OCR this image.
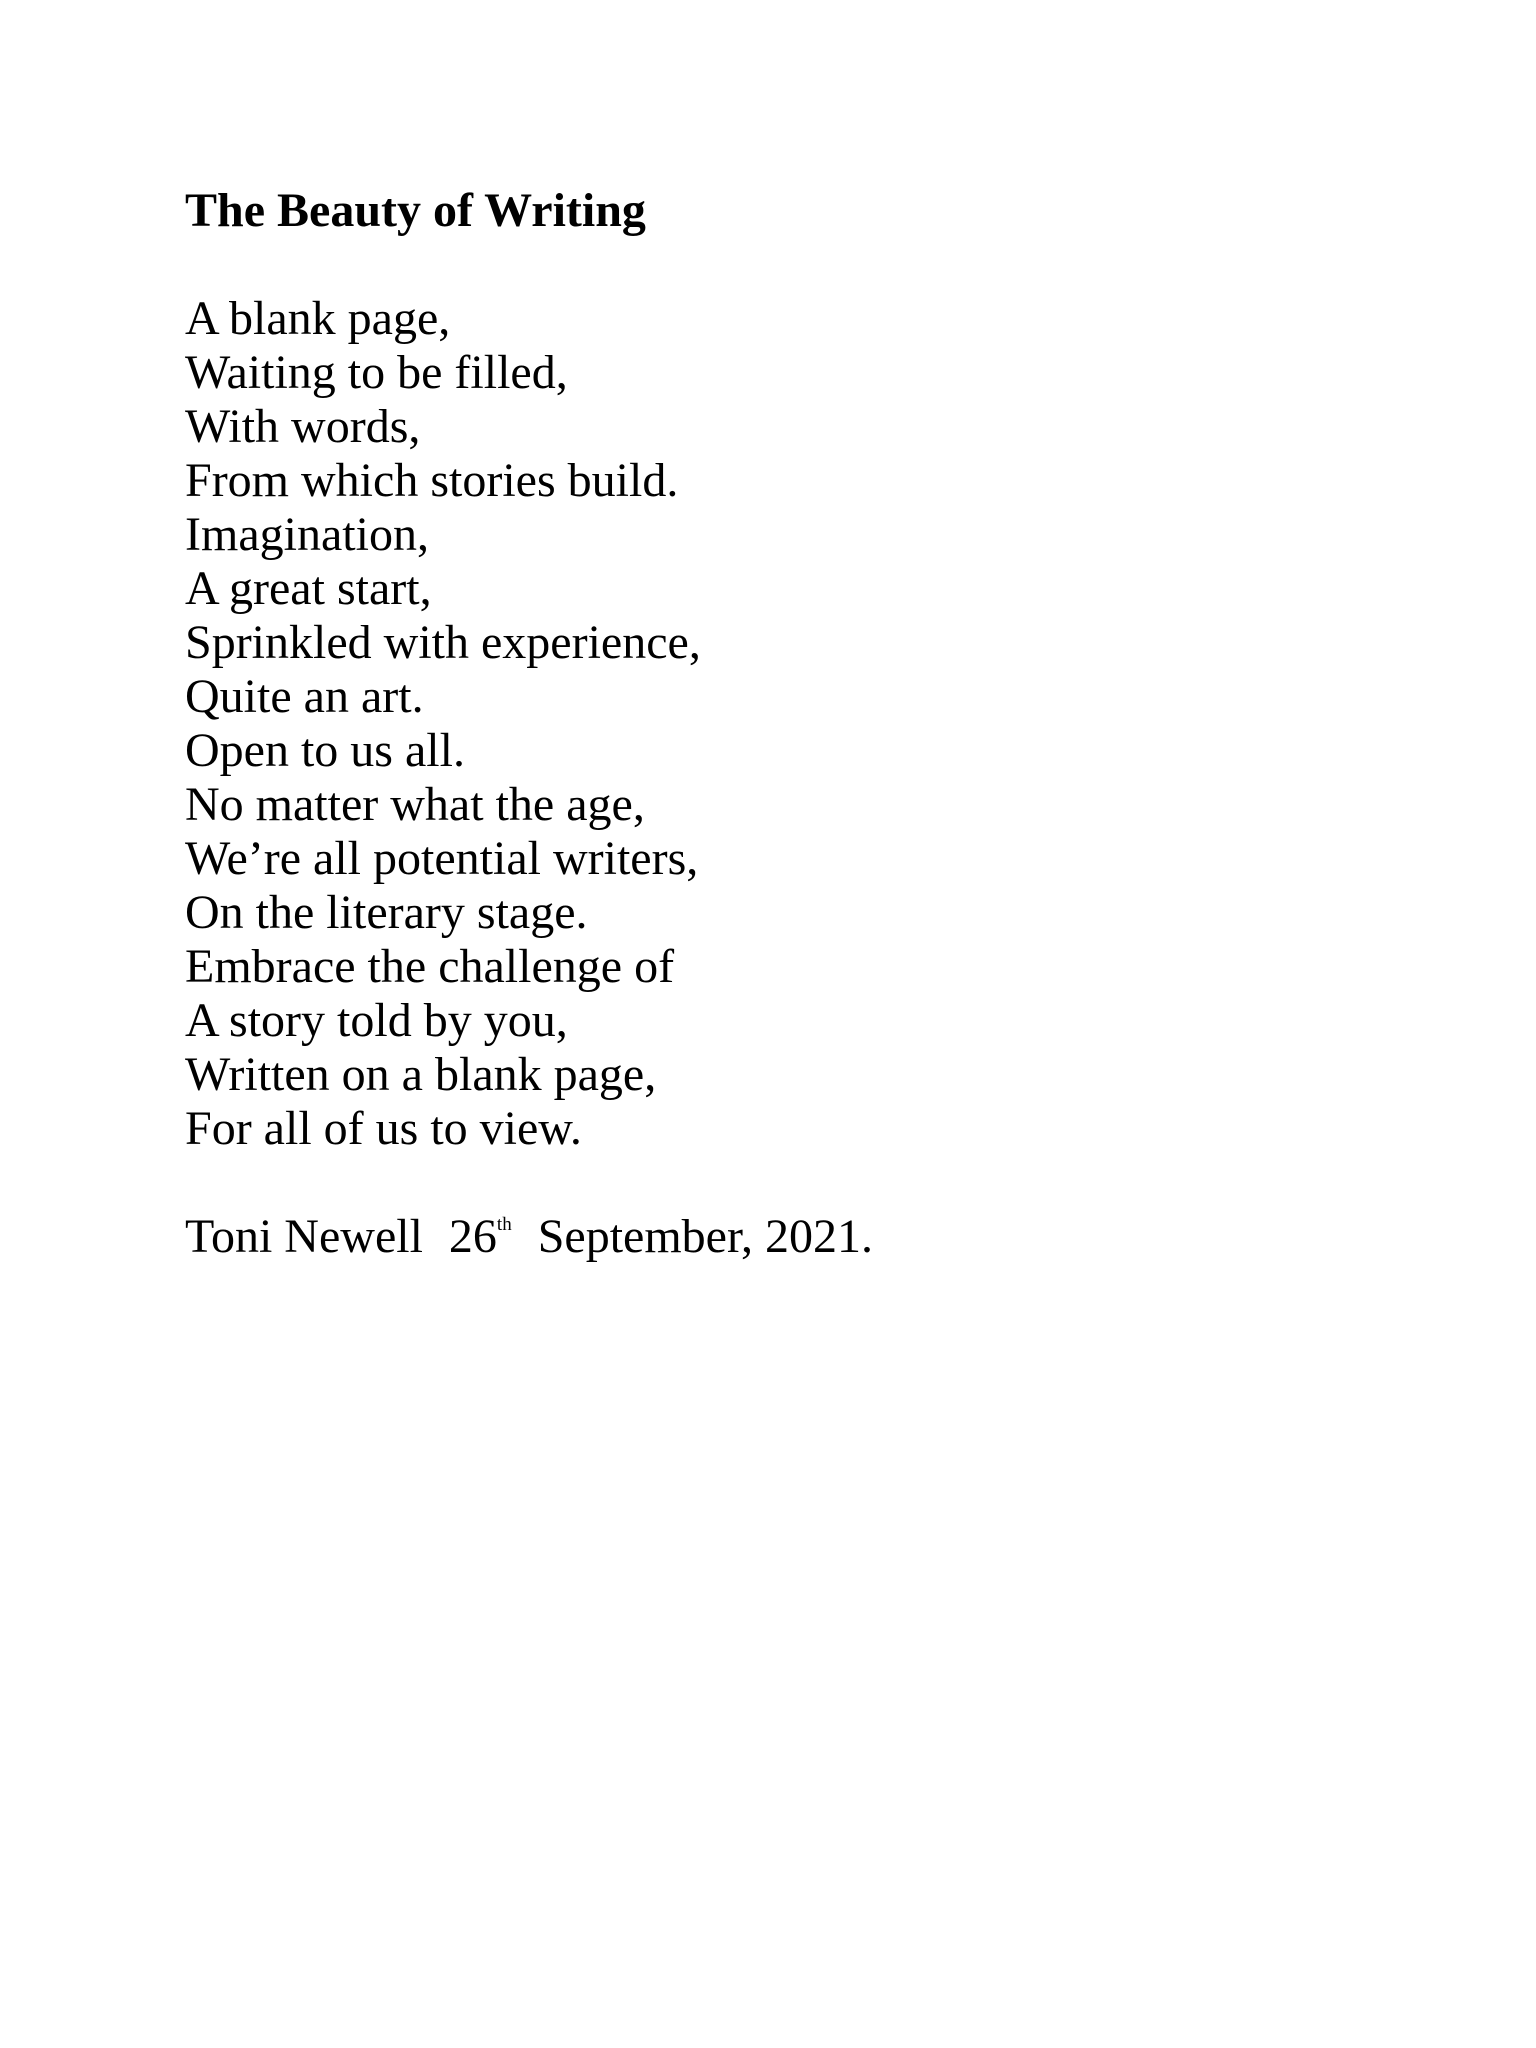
The Beauty of Writing
A blank page,
Waiting to be filled,
With words,
From which stories build.
Imagination,
A great start,
Sprinkled with experience,
Quite an art.
Open to us all.
No matter what the age,
We’re all potential writers,
On the literary stage.
Embrace the challenge of
A story told by you,
Written on a blank page,
For all of us to view.
Toni Newell 26th September, 2021.
